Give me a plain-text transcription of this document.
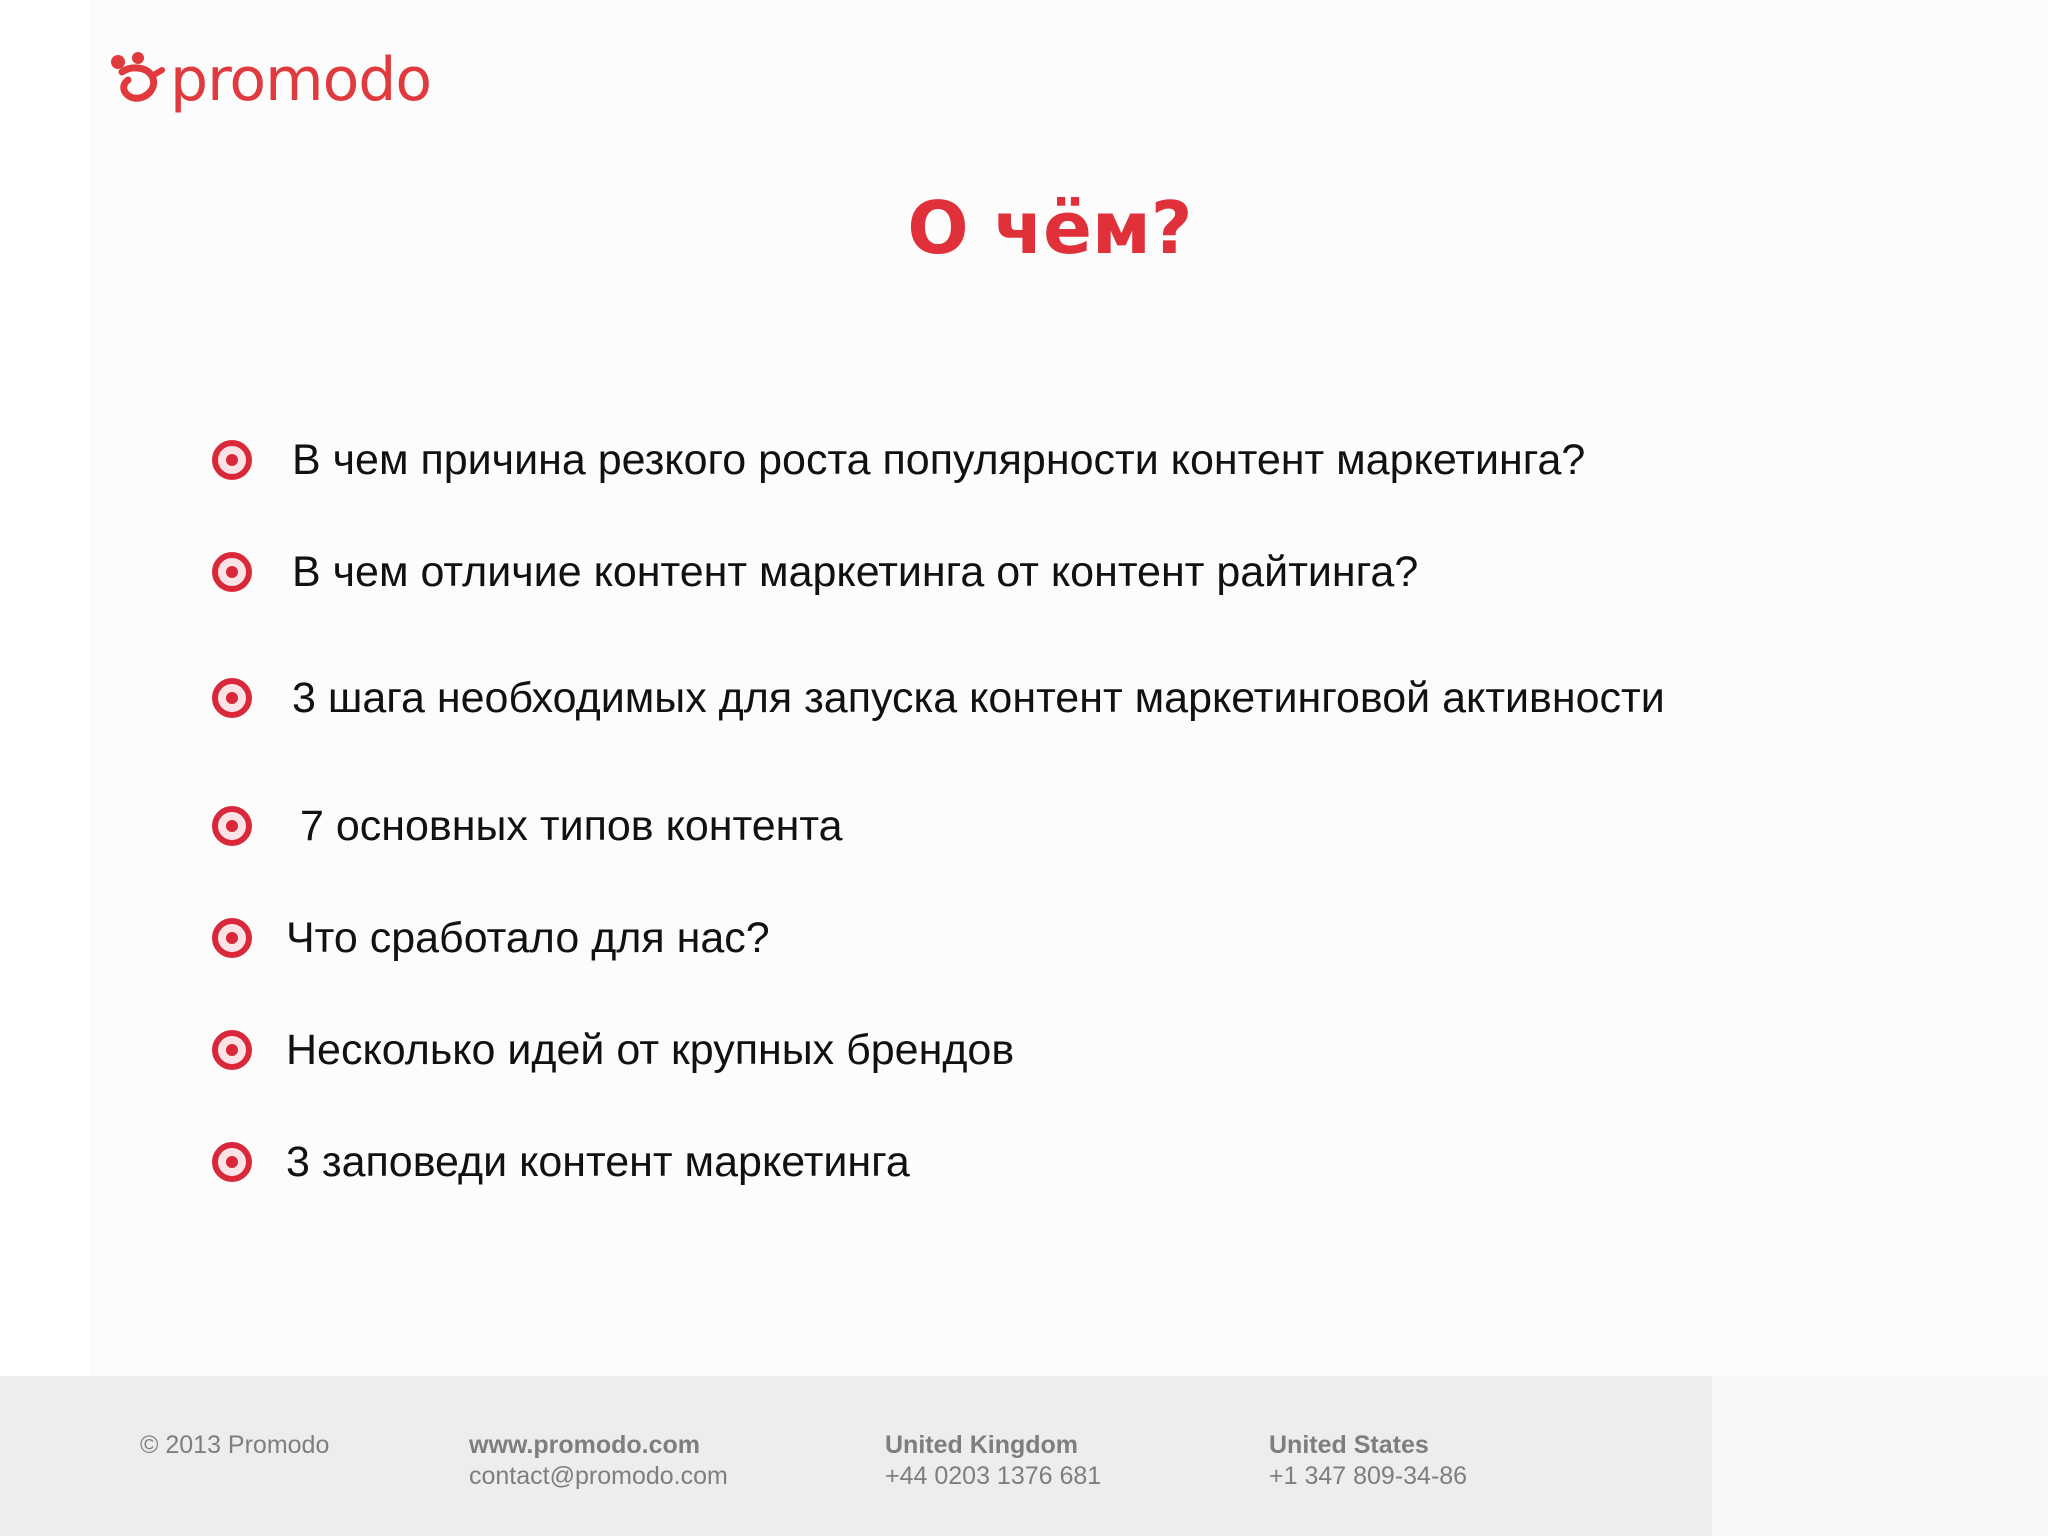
promodo
О чём?
В чем причина резкого роста популярности контент маркетинга?
В чем отличие контент маркетинга от контент райтинга?
3 шага необходимых для запуска контент маркетинговой активности
7 основных типов контента
Что сработало для нас?
Несколько идей от крупных брендов
3 заповеди контент маркетинга
© 2013 Promodo	www.promodo.com
contact@promodo.com
United Kingdom
+44 0203 1376 681
United States
+1 347 809-34-86
